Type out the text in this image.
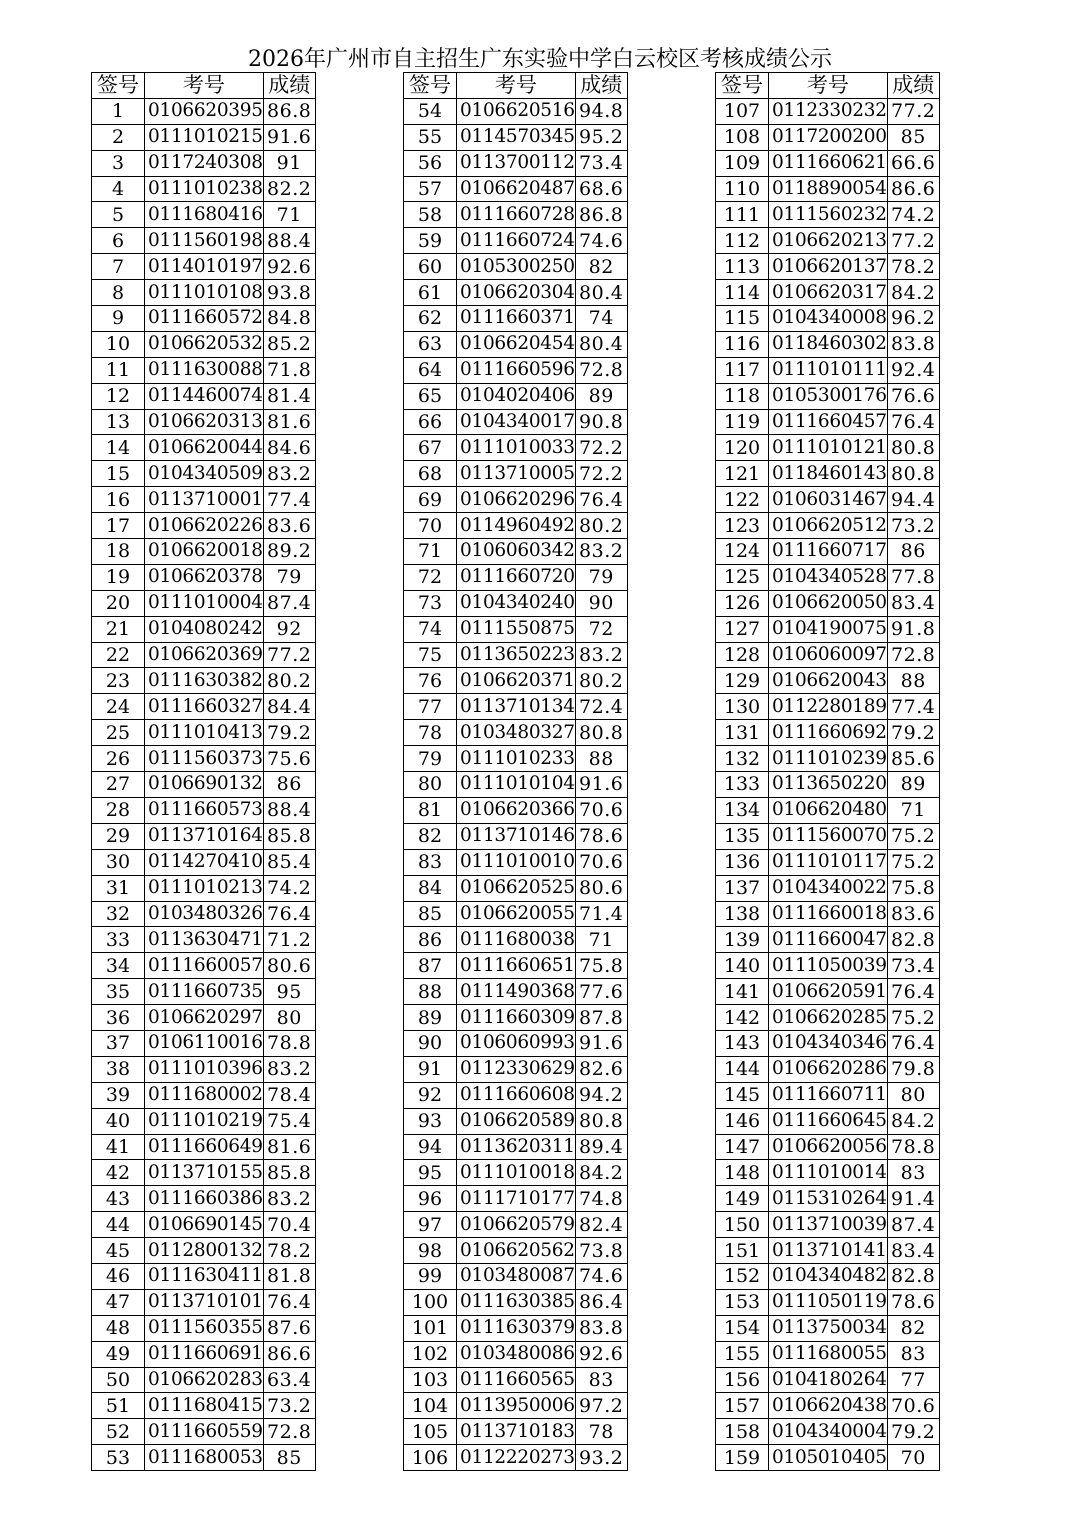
2026年广州市自主招生广东实验中学白云校区考核成绩公示
签号	考号	成绩
1	0106620395	86.8
2	0111010215	91.6
3	0117240308	91
4	0111010238	82.2
5	0111680416	71
6	0111560198	88.4
7	0114010197	92.6
8	0111010108	93.8
9	0111660572	84.8
10	0106620532	85.2
11	0111630088	71.8
12	0114460074	81.4
13	0106620313	81.6
14	0106620044	84.6
15	0104340509	83.2
16	0113710001	77.4
17	0106620226	83.6
18	0106620018	89.2
19	0106620378	79
20	0111010004	87.4
21	0104080242	92
22	0106620369	77.2
23	0111630382	80.2
24	0111660327	84.4
25	0111010413	79.2
26	0111560373	75.6
27	0106690132	86
28	0111660573	88.4
29	0113710164	85.8
30	0114270410	85.4
31	0111010213	74.2
32	0103480326	76.4
33	0113630471	71.2
34	0111660057	80.6
35	0111660735	95
36	0106620297	80
37	0106110016	78.8
38	0111010396	83.2
39	0111680002	78.4
40	0111010219	75.4
41	0111660649	81.6
42	0113710155	85.8
43	0111660386	83.2
44	0106690145	70.4
45	0112800132	78.2
46	0111630411	81.8
47	0113710101	76.4
48	0111560355	87.6
49	0111660691	86.6
50	0106620283	63.4
51	0111680415	73.2
52	0111660559	72.8
53	0111680053	85
签号	考号	成绩
54	0106620516	94.8
55	0114570345	95.2
56	0113700112	73.4
57	0106620487	68.6
58	0111660728	86.8
59	0111660724	74.6
60	0105300250	82
61	0106620304	80.4
62	0111660371	74
63	0106620454	80.4
64	0111660596	72.8
65	0104020406	89
66	0104340017	90.8
67	0111010033	72.2
68	0113710005	72.2
69	0106620296	76.4
70	0114960492	80.2
71	0106060342	83.2
72	0111660720	79
73	0104340240	90
74	0111550875	72
75	0113650223	83.2
76	0106620371	80.2
77	0113710134	72.4
78	0103480327	80.8
79	0111010233	88
80	0111010104	91.6
81	0106620366	70.6
82	0113710146	78.6
83	0111010010	70.6
84	0106620525	80.6
85	0106620055	71.4
86	0111680038	71
87	0111660651	75.8
88	0111490368	77.6
89	0111660309	87.8
90	0106060993	91.6
91	0112330629	82.6
92	0111660608	94.2
93	0106620589	80.8
94	0113620311	89.4
95	0111010018	84.2
96	0111710177	74.8
97	0106620579	82.4
98	0106620562	73.8
99	0103480087	74.6
100	0111630385	86.4
101	0111630379	83.8
102	0103480086	92.6
103	0111660565	83
104	0113950006	97.2
105	0113710183	78
106	0112220273	93.2
签号	考号	成绩
107	0112330232	77.2
108	0117200200	85
109	0111660621	66.6
110	0118890054	86.6
111	0111560232	74.2
112	0106620213	77.2
113	0106620137	78.2
114	0106620317	84.2
115	0104340008	96.2
116	0118460302	83.8
117	0111010111	92.4
118	0105300176	76.6
119	0111660457	76.4
120	0111010121	80.8
121	0118460143	80.8
122	0106031467	94.4
123	0106620512	73.2
124	0111660717	86
125	0104340528	77.8
126	0106620050	83.4
127	0104190075	91.8
128	0106060097	72.8
129	0106620043	88
130	0112280189	77.4
131	0111660692	79.2
132	0111010239	85.6
133	0113650220	89
134	0106620480	71
135	0111560070	75.2
136	0111010117	75.2
137	0104340022	75.8
138	0111660018	83.6
139	0111660047	82.8
140	0111050039	73.4
141	0106620591	76.4
142	0106620285	75.2
143	0104340346	76.4
144	0106620286	79.8
145	0111660711	80
146	0111660645	84.2
147	0106620056	78.8
148	0111010014	83
149	0115310264	91.4
150	0113710039	87.4
151	0113710141	83.4
152	0104340482	82.8
153	0111050119	78.6
154	0113750034	82
155	0111680055	83
156	0104180264	77
157	0106620438	70.6
158	0104340004	79.2
159	0105010405	70
